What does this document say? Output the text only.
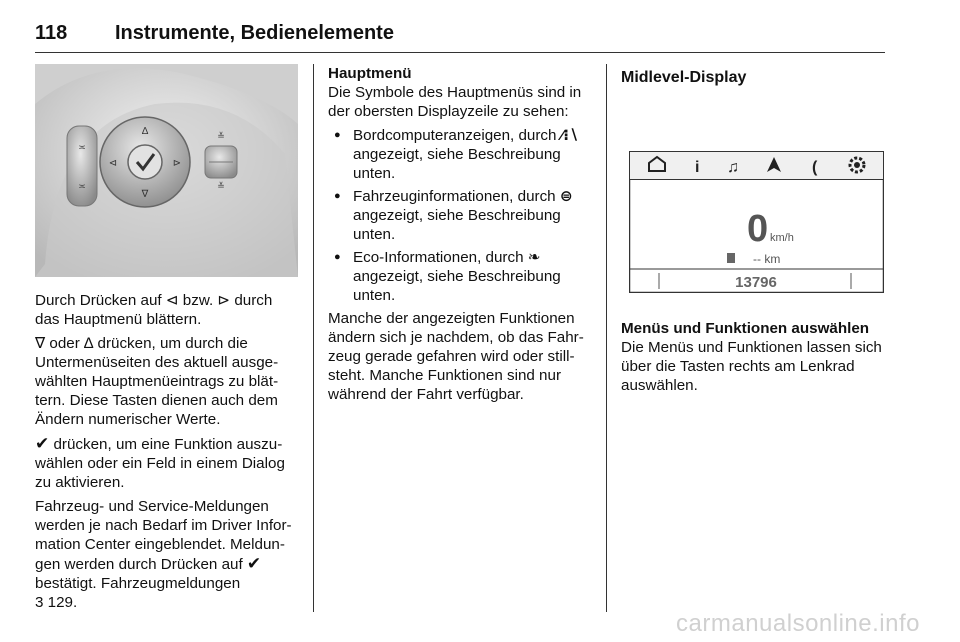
118 Instrumente, Bedienelemente
∆
∇
⊲	⊳
≚
≚
≍
≍

Durch Drücken auf ⊲ bzw. ⊳ durch das Hauptmenü blättern.

∇ oder ∆ drücken, um durch die Untermenüseiten des aktuell ausgewählten Hauptmenüeintrags zu blättern. Diese Tasten dienen auch dem Ändern numerischer Werte.

✔ drücken, um eine Funktion auszuwählen oder ein Feld in einem Dialog zu aktivieren.

Fahrzeug- und Service-Meldungen werden je nach Bedarf im Driver Information Center eingeblendet. Meldungen werden durch Drücken auf ✔ bestätigt. Fahrzeugmeldungen
3 129.

Hauptmenü

Die Symbole des Hauptmenüs sind in der obersten Displayzeile zu sehen:

● Bordcomputeranzeigen, durch ⁄⁝∖ angezeigt, siehe Beschreibung unten.
● Fahrzeuginformationen, durch ⊜ angezeigt, siehe Beschreibung unten.
● Eco-Informationen, durch ❧ angezeigt, siehe Beschreibung unten.

Manche der angezeigten Funktionen ändern sich je nachdem, ob das Fahrzeug gerade gefahren wird oder stillsteht. Manche Funktionen sind nur während der Fahrt verfügbar.

Midlevel-Display
i ♫	(
0 km/h
-- km
13796
Menüs und Funktionen auswählen

Die Menüs und Funktionen lassen sich über die Tasten rechts am Lenkrad auswählen.

carmanualsonline.info
